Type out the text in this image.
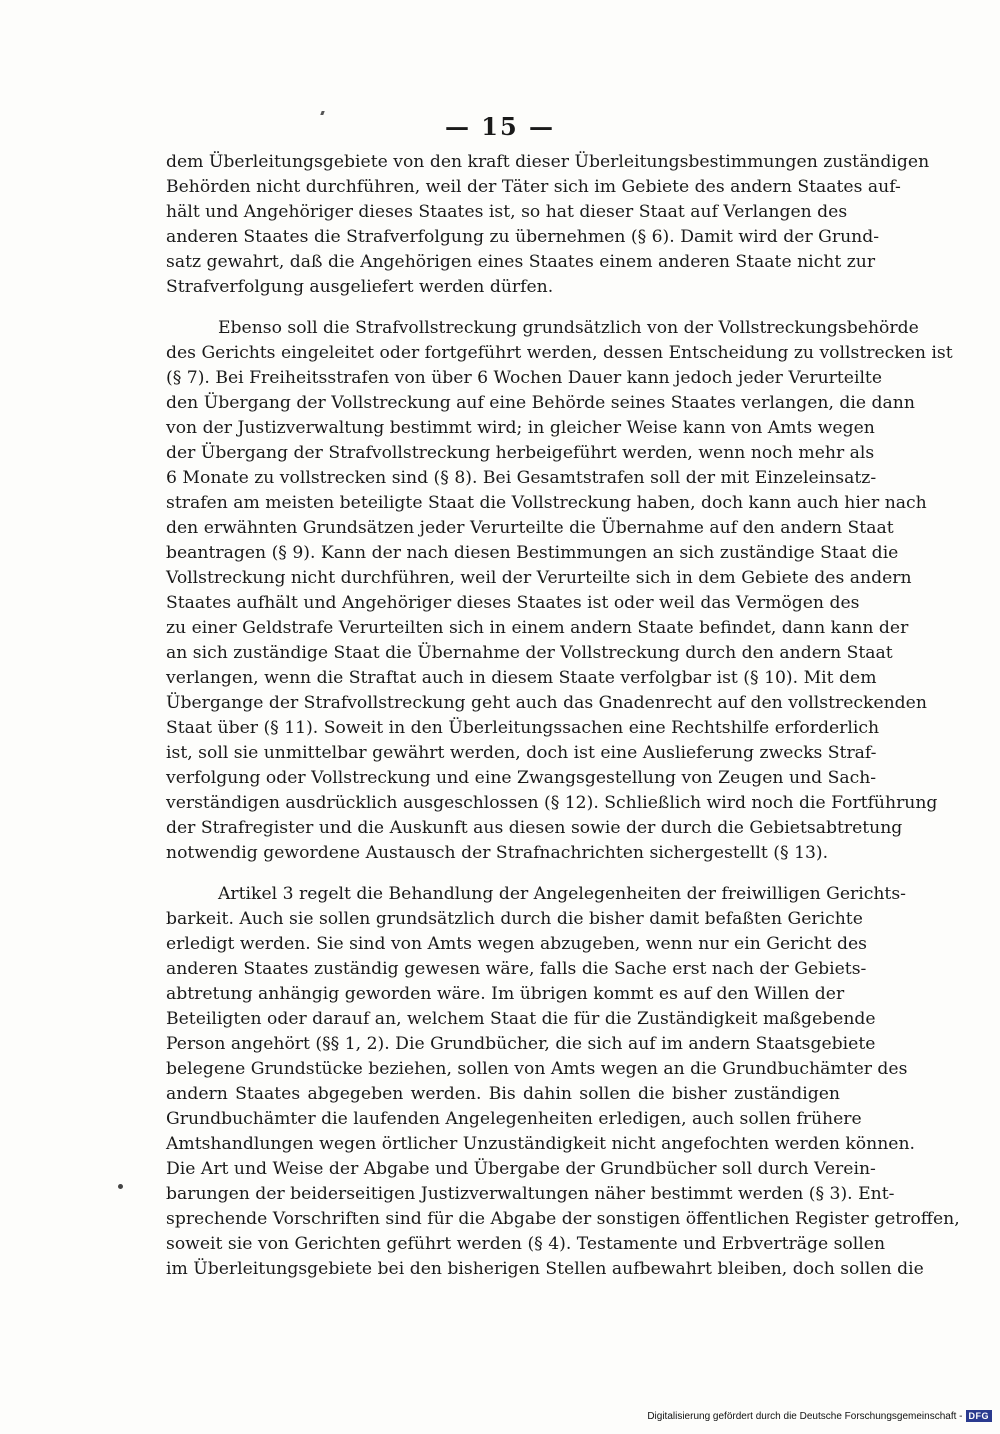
— 15 —
dem Überleitungsgebiete von den kraft dieser Überleitungsbestimmungen zuständigen
Behörden nicht durchführen, weil der Täter sich im Gebiete des andern Staates auf-
hält und Angehöriger dieses Staates ist, so hat dieser Staat auf Verlangen des
anderen Staates die Strafverfolgung zu übernehmen (§ 6). Damit wird der Grund-
satz gewahrt, daß die Angehörigen eines Staates einem anderen Staate nicht zur
Strafverfolgung ausgeliefert werden dürfen.
Ebenso soll die Strafvollstreckung grundsätzlich von der Vollstreckungsbehörde
des Gerichts eingeleitet oder fortgeführt werden, dessen Entscheidung zu vollstrecken ist
(§ 7). Bei Freiheitsstrafen von über 6 Wochen Dauer kann jedoch jeder Verurteilte
den Übergang der Vollstreckung auf eine Behörde seines Staates verlangen, die dann
von der Justizverwaltung bestimmt wird; in gleicher Weise kann von Amts wegen
der Übergang der Strafvollstreckung herbeigeführt werden, wenn noch mehr als
6 Monate zu vollstrecken sind (§ 8). Bei Gesamtstrafen soll der mit Einzeleinsatz-
strafen am meisten beteiligte Staat die Vollstreckung haben, doch kann auch hier nach
den erwähnten Grundsätzen jeder Verurteilte die Übernahme auf den andern Staat
beantragen (§ 9). Kann der nach diesen Bestimmungen an sich zuständige Staat die
Vollstreckung nicht durchführen, weil der Verurteilte sich in dem Gebiete des andern
Staates aufhält und Angehöriger dieses Staates ist oder weil das Vermögen des
zu einer Geldstrafe Verurteilten sich in einem andern Staate befindet, dann kann der
an sich zuständige Staat die Übernahme der Vollstreckung durch den andern Staat
verlangen, wenn die Straftat auch in diesem Staate verfolgbar ist (§ 10). Mit dem
Übergange der Strafvollstreckung geht auch das Gnadenrecht auf den vollstreckenden
Staat über (§ 11). Soweit in den Überleitungssachen eine Rechtshilfe erforderlich
ist, soll sie unmittelbar gewährt werden, doch ist eine Auslieferung zwecks Straf-
verfolgung oder Vollstreckung und eine Zwangsgestellung von Zeugen und Sach-
verständigen ausdrücklich ausgeschlossen (§ 12). Schließlich wird noch die Fortführung
der Strafregister und die Auskunft aus diesen sowie der durch die Gebietsabtretung
notwendig gewordene Austausch der Strafnachrichten sichergestellt (§ 13).
Artikel 3 regelt die Behandlung der Angelegenheiten der freiwilligen Gerichts-
barkeit. Auch sie sollen grundsätzlich durch die bisher damit befaßten Gerichte
erledigt werden. Sie sind von Amts wegen abzugeben, wenn nur ein Gericht des
anderen Staates zuständig gewesen wäre, falls die Sache erst nach der Gebiets-
abtretung anhängig geworden wäre. Im übrigen kommt es auf den Willen der
Beteiligten oder darauf an, welchem Staat die für die Zuständigkeit maßgebende
Person angehört (§§ 1, 2). Die Grundbücher, die sich auf im andern Staatsgebiete
belegene Grundstücke beziehen, sollen von Amts wegen an die Grundbuchämter des
andern Staates abgegeben werden. Bis dahin sollen die bisher zuständigen
Grundbuchämter die laufenden Angelegenheiten erledigen, auch sollen frühere
Amtshandlungen wegen örtlicher Unzuständigkeit nicht angefochten werden können.
Die Art und Weise der Abgabe und Übergabe der Grundbücher soll durch Verein-
barungen der beiderseitigen Justizverwaltungen näher bestimmt werden (§ 3). Ent-
sprechende Vorschriften sind für die Abgabe der sonstigen öffentlichen Register getroffen,
soweit sie von Gerichten geführt werden (§ 4). Testamente und Erbverträge sollen
im Überleitungsgebiete bei den bisherigen Stellen aufbewahrt bleiben, doch sollen die
Digitalisierung gefördert durch die Deutsche Forschungsgemeinschaft - DFG
